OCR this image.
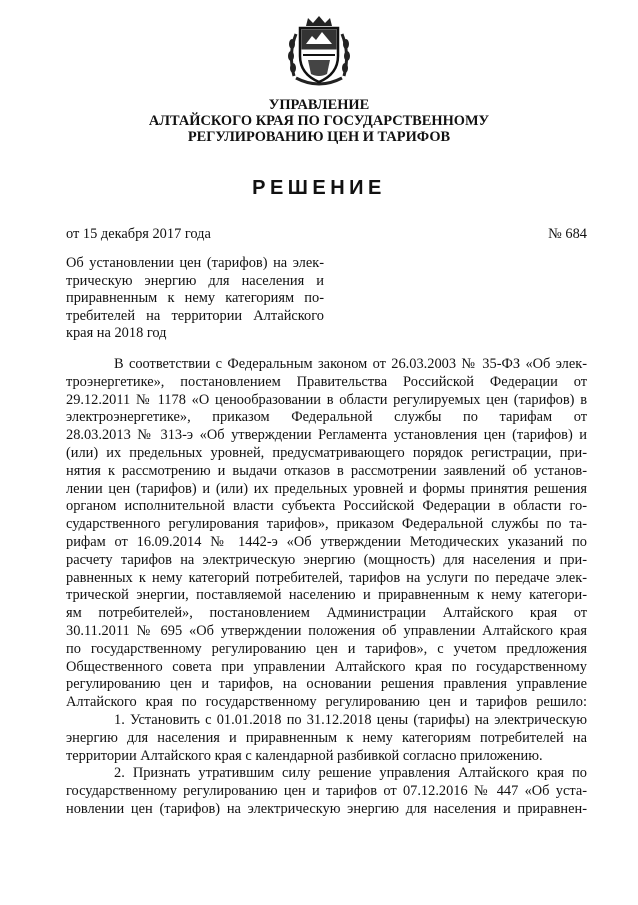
УПРАВЛЕНИЕ
АЛТАЙСКОГО КРАЯ ПО ГОСУДАРСТВЕННОМУ
РЕГУЛИРОВАНИЮ ЦЕН И ТАРИФОВ
РЕШЕНИЕ
от 15 декабря 2017 года	№ 684
Об установлении цен (тарифов) на элек-
трическую энергию для населения и
приравненным к нему категориям по-
требителей на территории Алтайского
края на 2018 год
В соответствии с Федеральным законом от 26.03.2003 № 35-ФЗ «Об элек-
троэнергетике», постановлением Правительства Российской Федерации от
29.12.2011 № 1178 «О ценообразовании в области регулируемых цен (тарифов) в
электроэнергетике», приказом Федеральной службы по тарифам от
28.03.2013 № 313-э «Об утверждении Регламента установления цен (тарифов) и
(или) их предельных уровней, предусматривающего порядок регистрации, при-
нятия к рассмотрению и выдачи отказов в рассмотрении заявлений об установ-
лении цен (тарифов) и (или) их предельных уровней и формы принятия решения
органом исполнительной власти субъекта Российской Федерации в области го-
сударственного регулирования тарифов», приказом Федеральной службы по та-
рифам от 16.09.2014 № 1442-э «Об утверждении Методических указаний по
расчету тарифов на электрическую энергию (мощность) для населения и при-
равненных к нему категорий потребителей, тарифов на услуги по передаче элек-
трической энергии, поставляемой населению и приравненным к нему категори-
ям потребителей», постановлением Администрации Алтайского края от
30.11.2011 № 695 «Об утверждении положения об управлении Алтайского края
по государственному регулированию цен и тарифов», с учетом предложения
Общественного совета при управлении Алтайского края по государственному
регулированию цен и тарифов, на основании решения правления управление
Алтайского края по государственному регулированию цен и тарифов решило:
1. Установить с 01.01.2018 по 31.12.2018 цены (тарифы) на электрическую
энергию для населения и приравненным к нему категориям потребителей на
территории Алтайского края с календарной разбивкой согласно приложению.
2. Признать утратившим силу решение управления Алтайского края по
государственному регулированию цен и тарифов от 07.12.2016 № 447 «Об уста-
новлении цен (тарифов) на электрическую энергию для населения и приравнен-
